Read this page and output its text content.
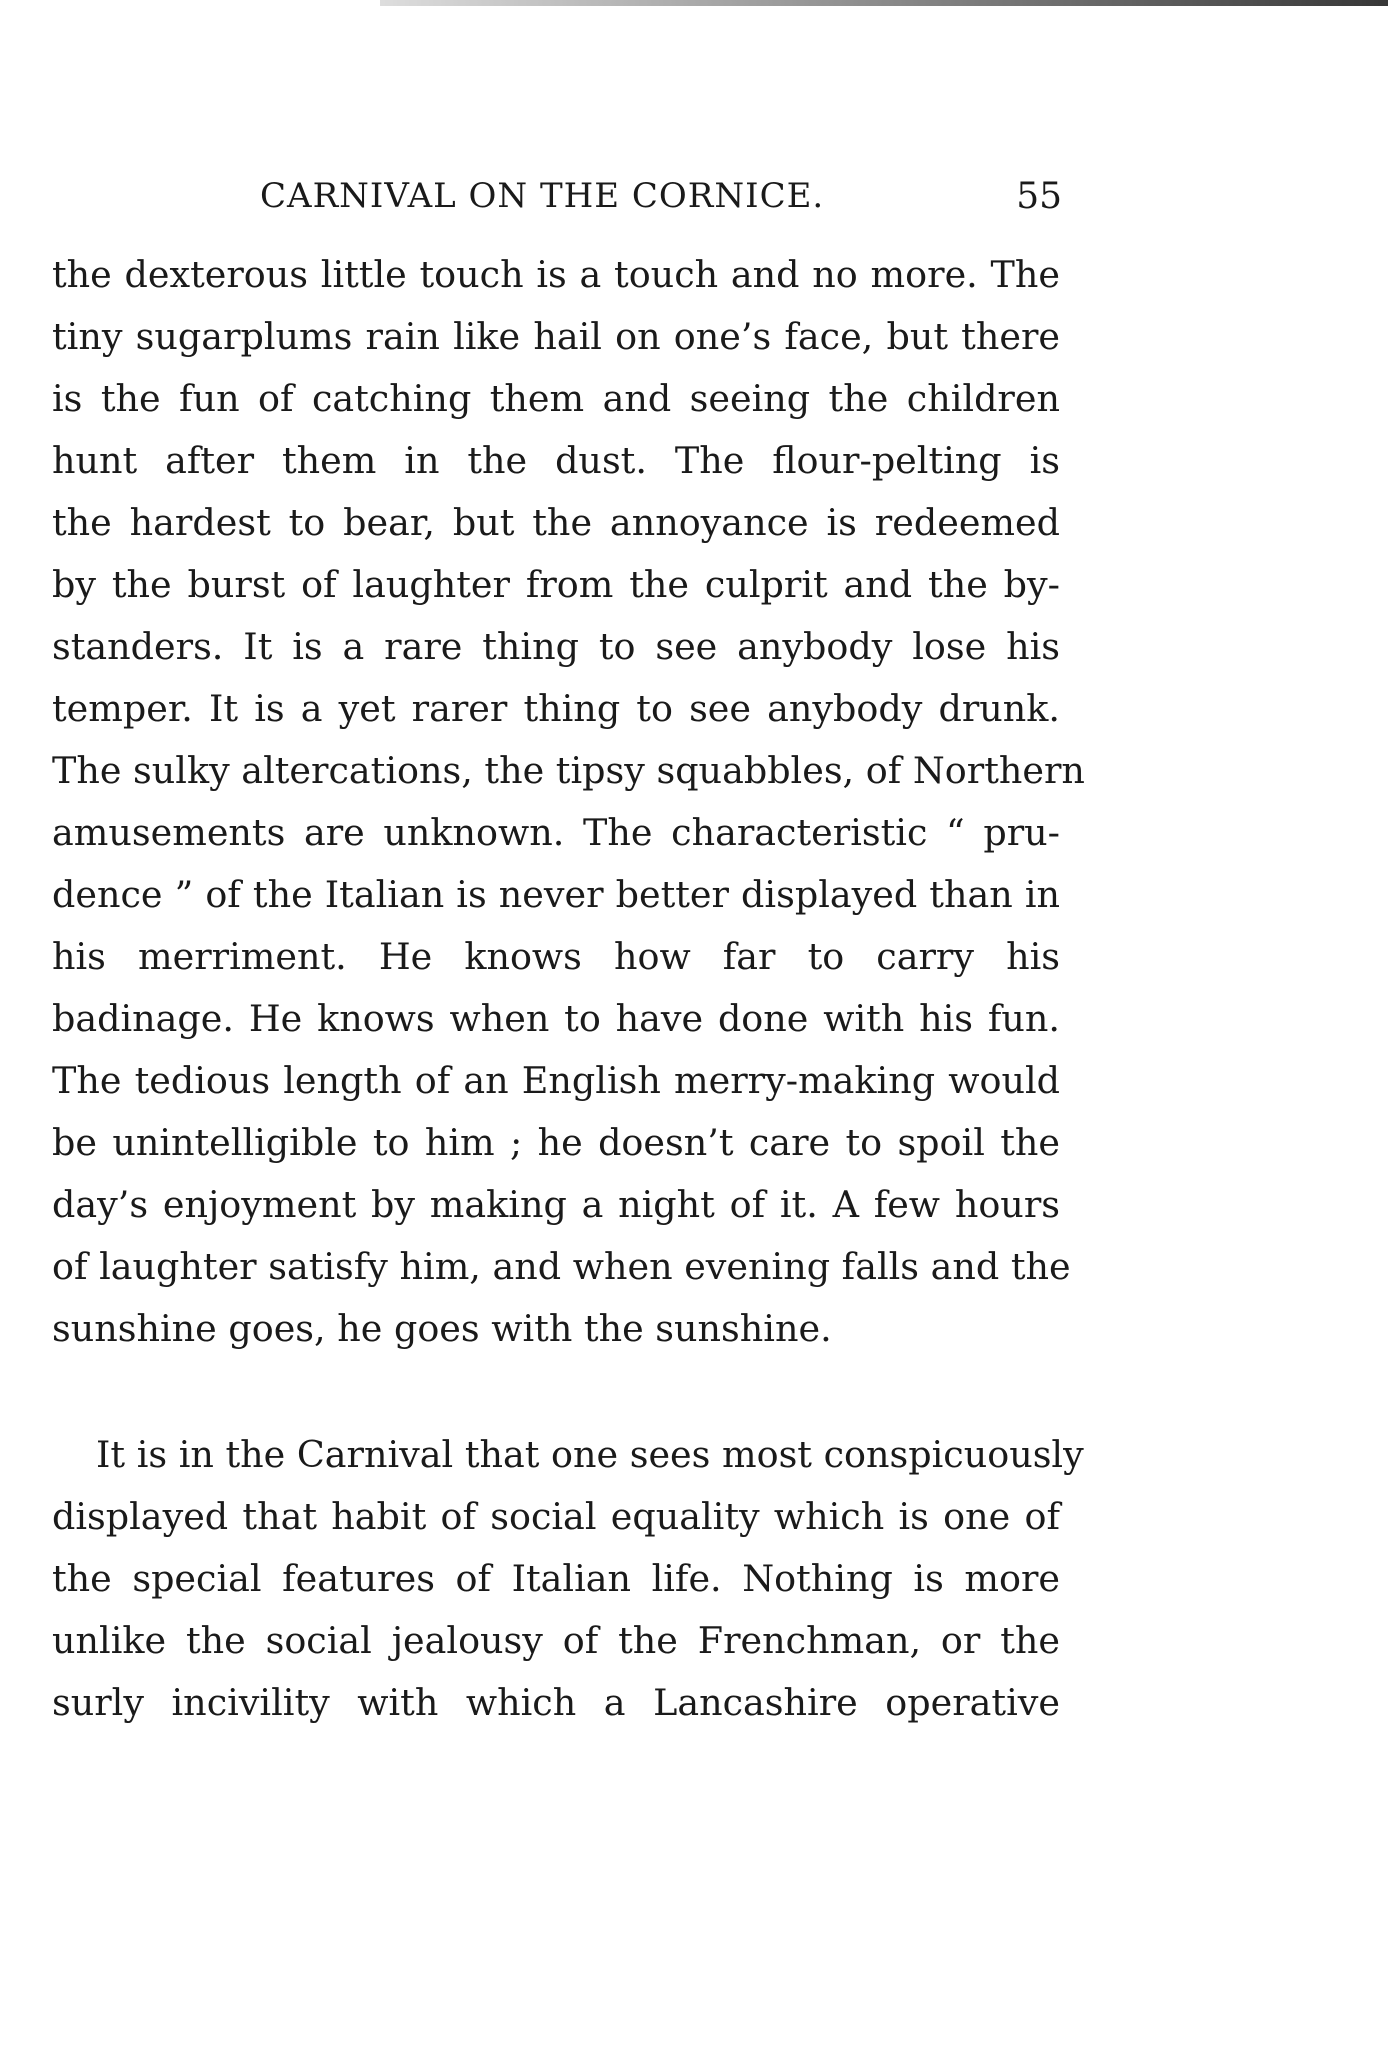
CARNIVAL ON THE CORNICE.	55
the dexterous little touch is a touch and no more. The
tiny sugarplums rain like hail on one’s face, but there
is the fun of catching them and seeing the children
hunt after them in the dust. The flour-pelting is
the hardest to bear, but the annoyance is redeemed
by the burst of laughter from the culprit and the by-
standers. It is a rare thing to see anybody lose his
temper. It is a yet rarer thing to see anybody drunk.
The sulky altercations, the tipsy squabbles, of Northern
amusements are unknown. The characteristic “ pru-
dence ” of the Italian is never better displayed than in
his merriment. He knows how far to carry his
badinage. He knows when to have done with his fun.
The tedious length of an English merry-making would
be unintelligible to him ; he doesn’t care to spoil the
day’s enjoyment by making a night of it. A few hours
of laughter satisfy him, and when evening falls and the
sunshine goes, he goes with the sunshine.
It is in the Carnival that one sees most conspicuously
displayed that habit of social equality which is one of
the special features of Italian life. Nothing is more
unlike the social jealousy of the Frenchman, or the
surly incivility with which a Lancashire operative
